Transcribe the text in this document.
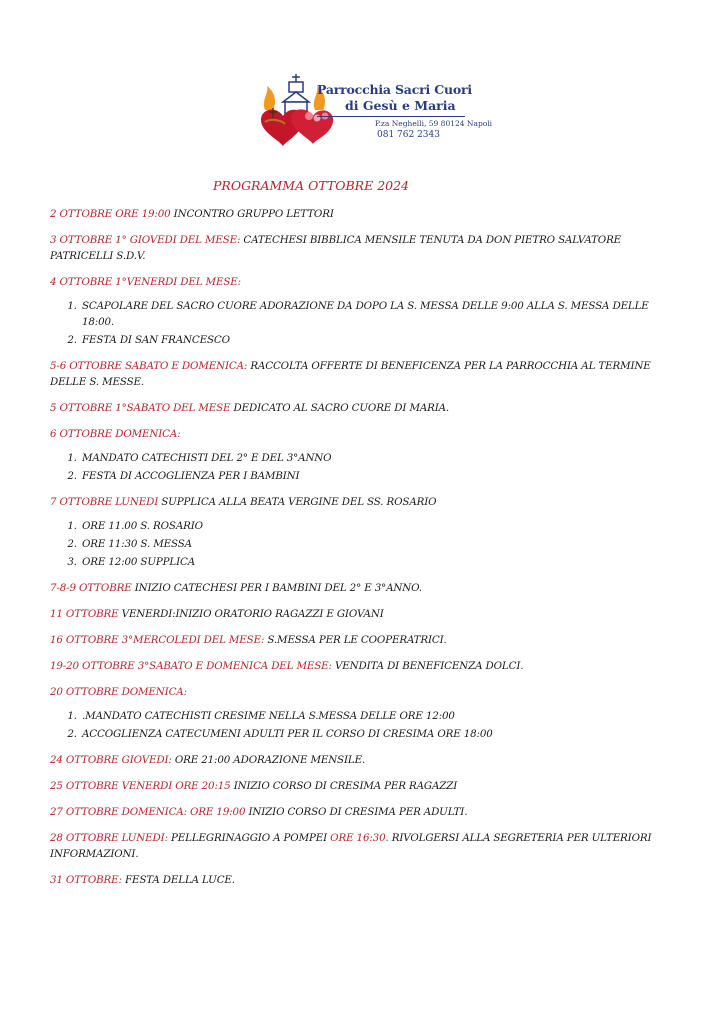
Parrocchia Sacri Cuori
di Gesù e Maria
P.za Neghelli, 59 80124 Napoli
081 762 2343
PROGRAMMA OTTOBRE 2024

2 OTTOBRE ORE 19:00 INCONTRO GRUPPO LETTORI

3 OTTOBRE 1° GIOVEDI DEL MESE: CATECHESI BIBBLICA MENSILE TENUTA DA DON PIETRO SALVATORE PATRICELLI S.D.V.

4 OTTOBRE 1°VENERDI DEL MESE:

1. SCAPOLARE DEL SACRO CUORE ADORAZIONE DA DOPO LA S. MESSA DELLE 9:00 ALLA S. MESSA DELLE 18:00.
2. FESTA DI SAN FRANCESCO

5-6 OTTOBRE SABATO E DOMENICA: RACCOLTA OFFERTE DI BENEFICENZA PER LA PARROCCHIA AL TERMINE DELLE S. MESSE.

5 OTTOBRE 1°SABATO DEL MESE DEDICATO AL SACRO CUORE DI MARIA.

6 OTTOBRE DOMENICA:

1. MANDATO CATECHISTI DEL 2° E DEL 3°ANNO
2. FESTA DI ACCOGLIENZA PER I BAMBINI

7 OTTOBRE LUNEDI SUPPLICA ALLA BEATA VERGINE DEL SS. ROSARIO

1. ORE 11.00 S. ROSARIO
2. ORE 11:30 S. MESSA
3. ORE 12:00 SUPPLICA

7-8-9 OTTOBRE INIZIO CATECHESI PER I BAMBINI DEL 2° E 3°ANNO.

11 OTTOBRE VENERDI:INIZIO ORATORIO RAGAZZI E GIOVANI

16 OTTOBRE 3°MERCOLEDI DEL MESE: S.MESSA PER LE COOPERATRICI.

19-20 OTTOBRE 3°SABATO E DOMENICA DEL MESE: VENDITA DI BENEFICENZA DOLCI.

20 OTTOBRE DOMENICA:

1. .MANDATO CATECHISTI CRESIME NELLA S.MESSA DELLE ORE 12:00
2. ACCOGLIENZA CATECUMENI ADULTI PER IL CORSO DI CRESIMA ORE 18:00

24 OTTOBRE GIOVEDI: ORE 21:00 ADORAZIONE MENSILE.

25 OTTOBRE VENERDI ORE 20:15 INIZIO CORSO DI CRESIMA PER RAGAZZI

27 OTTOBRE DOMENICA: ORE 19:00 INIZIO CORSO DI CRESIMA PER ADULTI.

28 OTTOBRE LUNEDI: PELLEGRINAGGIO A POMPEI ORE 16:30. RIVOLGERSI ALLA SEGRETERIA PER ULTERIORI INFORMAZIONI.

31 OTTOBRE: FESTA DELLA LUCE.
